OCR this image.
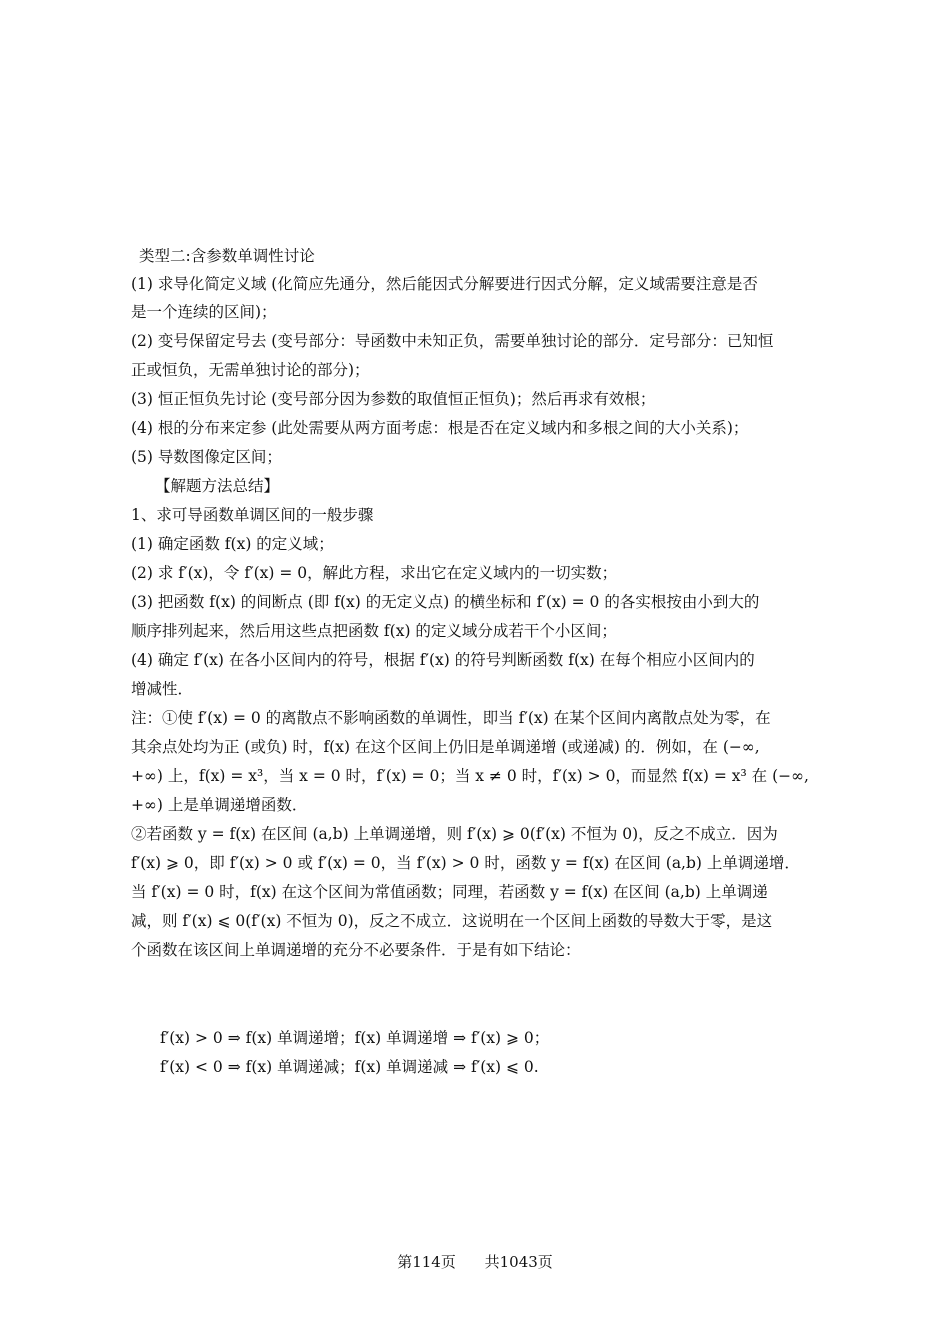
类型二:含参数单调性讨论
(1) 求导化简定义域 (化简应先通分，然后能因式分解要进行因式分解，定义域需要注意是否
是一个连续的区间)；
(2) 变号保留定号去 (变号部分：导函数中未知正负，需要单独讨论的部分．定号部分：已知恒
正或恒负，无需单独讨论的部分)；
(3) 恒正恒负先讨论 (变号部分因为参数的取值恒正恒负)；然后再求有效根；
(4) 根的分布来定参 (此处需要从两方面考虑：根是否在定义域内和多根之间的大小关系)；
(5) 导数图像定区间；
【解题方法总结】
1、求可导函数单调区间的一般步骤
(1) 确定函数 f(x) 的定义域；
(2) 求 f′(x)，令 f′(x) = 0，解此方程，求出它在定义域内的一切实数；
(3) 把函数 f(x) 的间断点 (即 f(x) 的无定义点) 的横坐标和 f′(x) = 0 的各实根按由小到大的
顺序排列起来，然后用这些点把函数 f(x) 的定义域分成若干个小区间；
(4) 确定 f′(x) 在各小区间内的符号，根据 f′(x) 的符号判断函数 f(x) 在每个相应小区间内的
增减性．
注：①使 f′(x) = 0 的离散点不影响函数的单调性，即当 f′(x) 在某个区间内离散点处为零，在
其余点处均为正 (或负) 时，f(x) 在这个区间上仍旧是单调递增 (或递减) 的．例如，在 (−∞,
+∞) 上，f(x) = x³，当 x = 0 时，f′(x) = 0；当 x ≠ 0 时，f′(x) > 0，而显然 f(x) = x³ 在 (−∞,
+∞) 上是单调递增函数．
②若函数 y = f(x) 在区间 (a,b) 上单调递增，则 f′(x) ⩾ 0(f′(x) 不恒为 0)，反之不成立．因为
f′(x) ⩾ 0，即 f′(x) > 0 或 f′(x) = 0，当 f′(x) > 0 时，函数 y = f(x) 在区间 (a,b) 上单调递增．
当 f′(x) = 0 时，f(x) 在这个区间为常值函数；同理，若函数 y = f(x) 在区间 (a,b) 上单调递
减，则 f′(x) ⩽ 0(f′(x) 不恒为 0)，反之不成立．这说明在一个区间上函数的导数大于零，是这
个函数在该区间上单调递增的充分不必要条件．于是有如下结论：
f′(x) > 0 ⇒ f(x) 单调递增；f(x) 单调递增 ⇒ f′(x) ⩾ 0；
f′(x) < 0 ⇒ f(x) 单调递减；f(x) 单调递减 ⇒ f′(x) ⩽ 0.
第114页 共1043页
